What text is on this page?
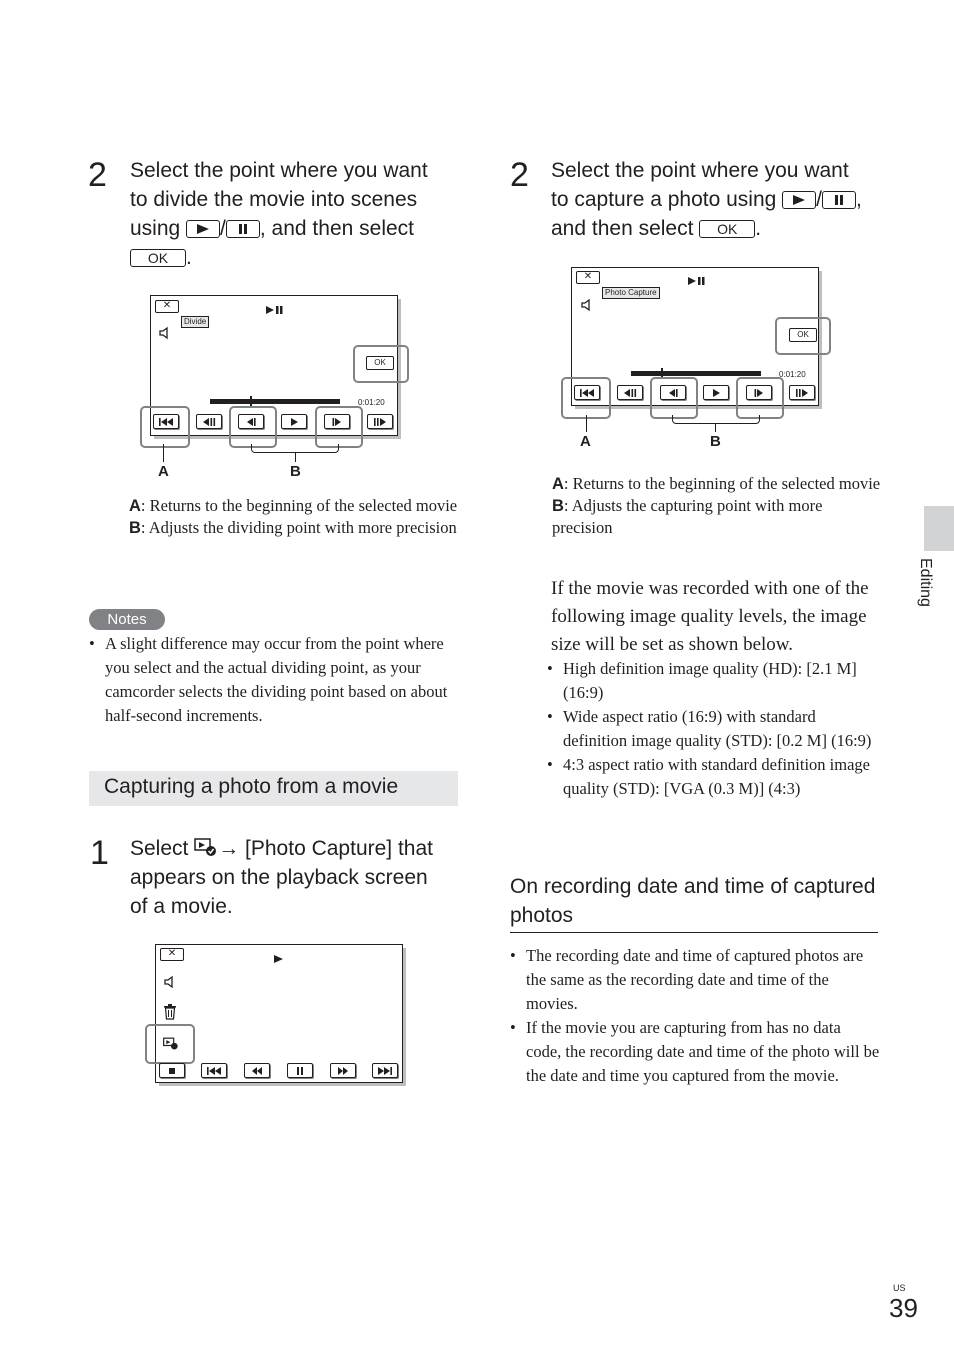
2 Select the point where you want
to divide the movie into scenes
using
/ , and then select
OK .
✕
Divide
OK
0:01:20
A	B
A: Returns to the beginning of the selected movie
B: Adjusts the dividing point with more precision
Notes
• A slight difference may occur from the point where you select and the actual dividing point, as your camcorder selects the dividing point based on about half-second increments.
Capturing a photo from a movie
1 Select → [Photo Capture] that
appears on the playback screen
of a movie.
✕
2 Select the point where you want
to capture a photo using
/ ,
and then select OK .
✕
Photo Capture
OK
0:01:20
A	B
A: Returns to the beginning of the selected movie
B: Adjusts the capturing point with more precision
If the movie was recorded with one of the following image quality levels, the image size will be set as shown below.
• High definition image quality (HD): [2.1 M] (16:9)
• Wide aspect ratio (16:9) with standard definition image quality (STD): [0.2 M] (16:9)
• 4:3 aspect ratio with standard definition image quality (STD): [VGA (0.3 M)] (4:3)
On recording date and time of captured photos
• The recording date and time of captured photos are the same as the recording date and time of the movies.
• If the movie you are capturing from has no data code, the recording date and time of the photo will be the date and time you captured from the movie.
Editing
US
39
